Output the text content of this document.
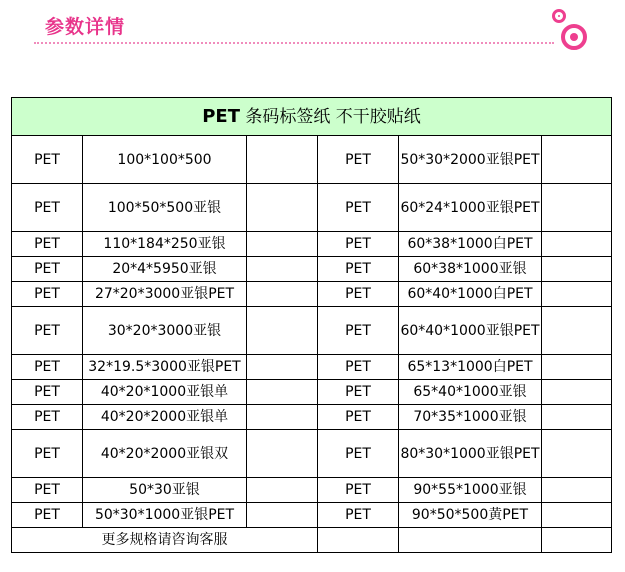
参数详情
PET 条码标签纸 不干胶贴纸					
PET	100*100*500		PET	50*30*2000亚银PET	
PET	100*50*500亚银		PET	60*24*1000亚银PET	
PET	110*184*250亚银		PET	60*38*1000白PET	
PET	20*4*5950亚银		PET	60*38*1000亚银	
PET	27*20*3000亚银PET		PET	60*40*1000白PET	
PET	30*20*3000亚银		PET	60*40*1000亚银PET	
PET	32*19.5*3000亚银PET		PET	65*13*1000白PET	
PET	40*20*1000亚银单		PET	65*40*1000亚银	
PET	40*20*2000亚银单		PET	70*35*1000亚银	
PET	40*20*2000亚银双		PET	80*30*1000亚银PET	
PET	50*30亚银		PET	90*55*1000亚银	
PET	50*30*1000亚银PET		PET	90*50*500黄PET	
更多规格请咨询客服					
